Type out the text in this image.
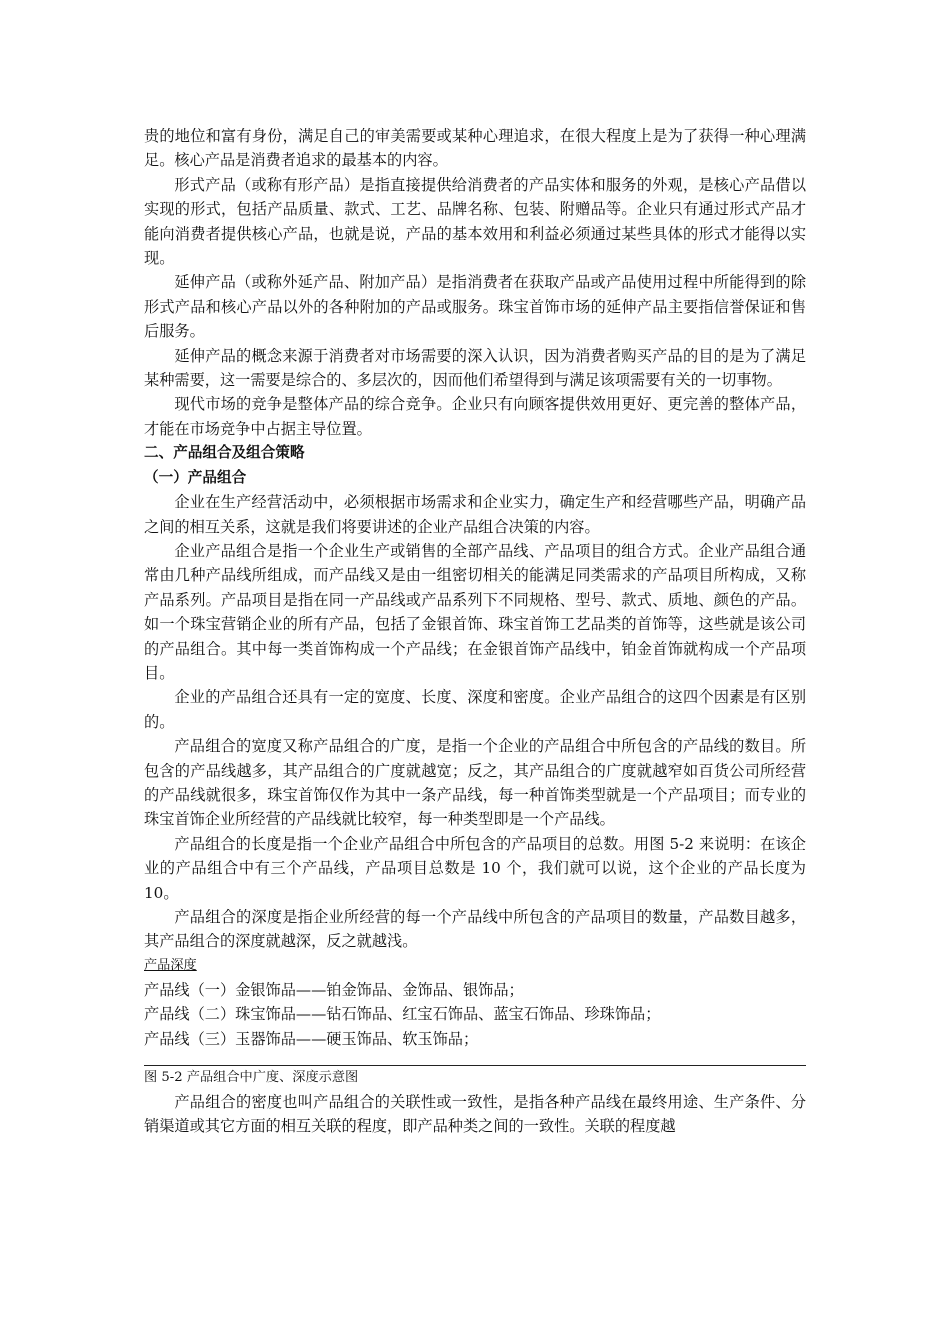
贵的地位和富有身份，满足自己的审美需要或某种心理追求，在很大程度上是为了获得一种心理满足。核心产品是消费者追求的最基本的内容。

形式产品（或称有形产品）是指直接提供给消费者的产品实体和服务的外观，是核心产品借以实现的形式，包括产品质量、款式、工艺、品牌名称、包装、附赠品等。企业只有通过形式产品才能向消费者提供核心产品，也就是说，产品的基本效用和利益必须通过某些具体的形式才能得以实现。

延伸产品（或称外延产品、附加产品）是指消费者在获取产品或产品使用过程中所能得到的除形式产品和核心产品以外的各种附加的产品或服务。珠宝首饰市场的延伸产品主要指信誉保证和售后服务。

延伸产品的概念来源于消费者对市场需要的深入认识，因为消费者购买产品的目的是为了满足某种需要，这一需要是综合的、多层次的，因而他们希望得到与满足该项需要有关的一切事物。

现代市场的竞争是整体产品的综合竞争。企业只有向顾客提供效用更好、更完善的整体产品，才能在市场竞争中占据主导位置。

二、产品组合及组合策略

（一）产品组合

企业在生产经营活动中，必须根据市场需求和企业实力，确定生产和经营哪些产品，明确产品之间的相互关系，这就是我们将要讲述的企业产品组合决策的内容。

企业产品组合是指一个企业生产或销售的全部产品线、产品项目的组合方式。企业产品组合通常由几种产品线所组成，而产品线又是由一组密切相关的能满足同类需求的产品项目所构成，又称产品系列。产品项目是指在同一产品线或产品系列下不同规格、型号、款式、质地、颜色的产品。如一个珠宝营销企业的所有产品，包括了金银首饰、珠宝首饰工艺品类的首饰等，这些就是该公司的产品组合。其中每一类首饰构成一个产品线；在金银首饰产品线中，铂金首饰就构成一个产品项目。

企业的产品组合还具有一定的宽度、长度、深度和密度。企业产品组合的这四个因素是有区别的。

产品组合的宽度又称产品组合的广度，是指一个企业的产品组合中所包含的产品线的数目。所包含的产品线越多，其产品组合的广度就越宽；反之，其产品组合的广度就越窄如百货公司所经营的产品线就很多，珠宝首饰仅作为其中一条产品线，每一种首饰类型就是一个产品项目；而专业的珠宝首饰企业所经营的产品线就比较窄，每一种类型即是一个产品线。

产品组合的长度是指一个企业产品组合中所包含的产品项目的总数。用图 5-2 来说明：在该企业的产品组合中有三个产品线，产品项目总数是 10 个，我们就可以说，这个企业的产品长度为10。

产品组合的深度是指企业所经营的每一个产品线中所包含的产品项目的数量，产品数目越多，其产品组合的深度就越深，反之就越浅。

产品深度

产品线（一）金银饰品——铂金饰品、金饰品、银饰品；

产品线（二）珠宝饰品——钻石饰品、红宝石饰品、蓝宝石饰品、珍珠饰品；

产品线（三）玉器饰品——硬玉饰品、软玉饰品；

图 5-2 产品组合中广度、深度示意图

产品组合的密度也叫产品组合的关联性或一致性，是指各种产品线在最终用途、生产条件、分销渠道或其它方面的相互关联的程度，即产品种类之间的一致性。关联的程度越
